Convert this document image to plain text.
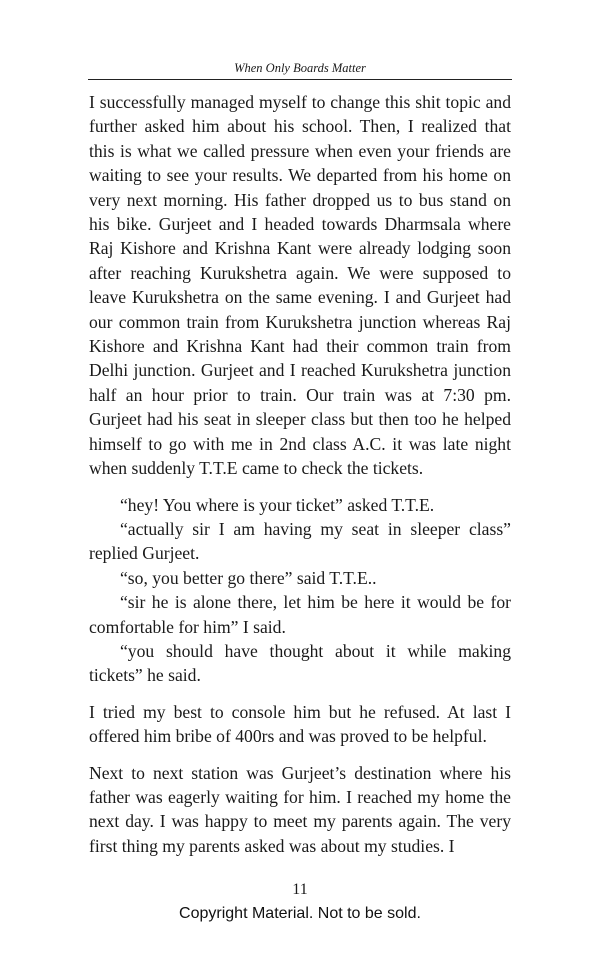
When Only Boards Matter

I successfully managed myself to change this shit topic and further asked him about his school. Then, I realized that this is what we called pressure when even your friends are waiting to see your results. We departed from his home on very next morning. His father dropped us to bus stand on his bike. Gurjeet and I headed towards Dharmsala where Raj Kishore and Krishna Kant were already lodging soon after reaching Kurukshetra again. We were supposed to leave Kurukshetra on the same evening. I and Gurjeet had our common train from Kurukshetra junction whereas Raj Kishore and Krishna Kant had their common train from Delhi junction. Gurjeet and I reached Kurukshetra junction half an hour prior to train. Our train was at 7:30 pm. Gurjeet had his seat in sleeper class but then too he helped himself to go with me in 2nd class A.C. it was late night when suddenly T.T.E came to check the tickets.

“hey! You where is your ticket” asked T.T.E.

“actually sir I am having my seat in sleeper class” replied Gurjeet.

“so, you better go there” said T.T.E..

“sir he is alone there, let him be here it would be for comfortable for him” I said.

“you should have thought about it while making tickets” he said.

I tried my best to console him but he refused. At last I offered him bribe of 400rs and was proved to be helpful.

Next to next station was Gurjeet’s destination where his father was eagerly waiting for him. I reached my home the next day. I was happy to meet my parents again. The very first thing my parents asked was about my studies. I

11
Copyright Material. Not to be sold.
